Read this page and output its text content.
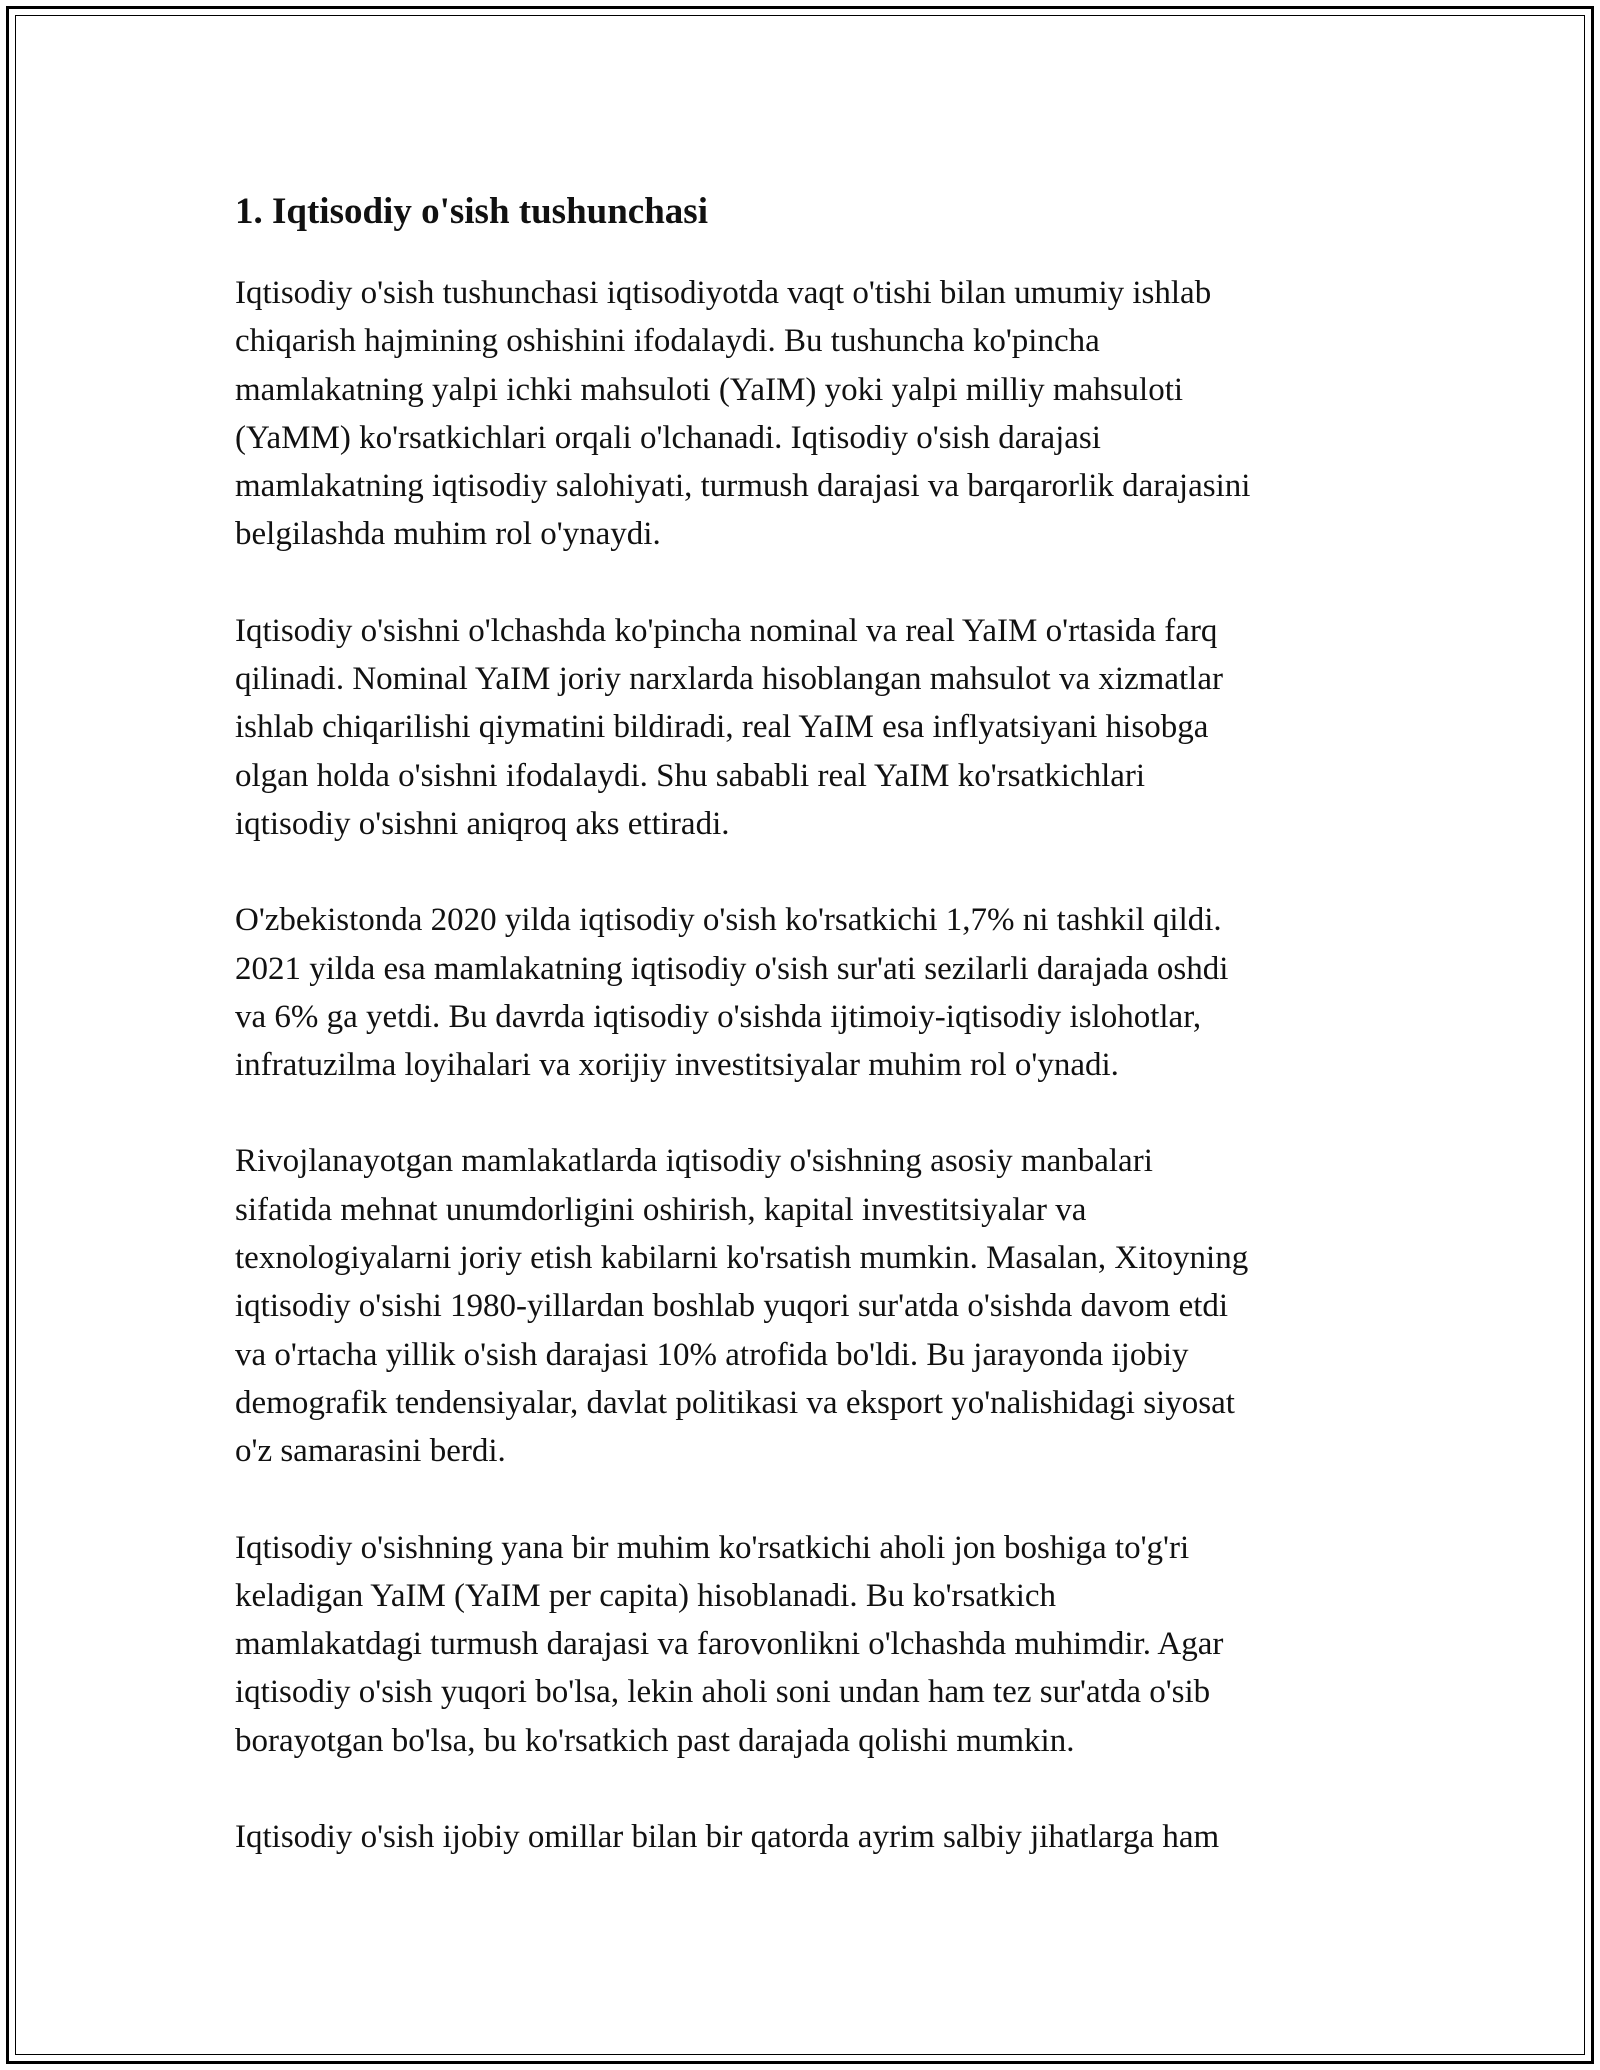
1. Iqtisodiy o'sish tushunchasi

Iqtisodiy o'sish tushunchasi iqtisodiyotda vaqt o'tishi bilan umumiy ishlab
chiqarish hajmining oshishini ifodalaydi. Bu tushuncha ko'pincha
mamlakatning yalpi ichki mahsuloti (YaIM) yoki yalpi milliy mahsuloti
(YaMM) ko'rsatkichlari orqali o'lchanadi. Iqtisodiy o'sish darajasi
mamlakatning iqtisodiy salohiyati, turmush darajasi va barqarorlik darajasini
belgilashda muhim rol o'ynaydi.

Iqtisodiy o'sishni o'lchashda ko'pincha nominal va real YaIM o'rtasida farq
qilinadi. Nominal YaIM joriy narxlarda hisoblangan mahsulot va xizmatlar
ishlab chiqarilishi qiymatini bildiradi, real YaIM esa inflyatsiyani hisobga
olgan holda o'sishni ifodalaydi. Shu sababli real YaIM ko'rsatkichlari
iqtisodiy o'sishni aniqroq aks ettiradi.

O'zbekistonda 2020 yilda iqtisodiy o'sish ko'rsatkichi 1,7% ni tashkil qildi.
2021 yilda esa mamlakatning iqtisodiy o'sish sur'ati sezilarli darajada oshdi
va 6% ga yetdi. Bu davrda iqtisodiy o'sishda ijtimoiy-iqtisodiy islohotlar,
infratuzilma loyihalari va xorijiy investitsiyalar muhim rol o'ynadi.

Rivojlanayotgan mamlakatlarda iqtisodiy o'sishning asosiy manbalari
sifatida mehnat unumdorligini oshirish, kapital investitsiyalar va
texnologiyalarni joriy etish kabilarni ko'rsatish mumkin. Masalan, Xitoyning
iqtisodiy o'sishi 1980-yillardan boshlab yuqori sur'atda o'sishda davom etdi
va o'rtacha yillik o'sish darajasi 10% atrofida bo'ldi. Bu jarayonda ijobiy
demografik tendensiyalar, davlat politikasi va eksport yo'nalishidagi siyosat
o'z samarasini berdi.

Iqtisodiy o'sishning yana bir muhim ko'rsatkichi aholi jon boshiga to'g'ri
keladigan YaIM (YaIM per capita) hisoblanadi. Bu ko'rsatkich
mamlakatdagi turmush darajasi va farovonlikni o'lchashda muhimdir. Agar
iqtisodiy o'sish yuqori bo'lsa, lekin aholi soni undan ham tez sur'atda o'sib
borayotgan bo'lsa, bu ko'rsatkich past darajada qolishi mumkin.

Iqtisodiy o'sish ijobiy omillar bilan bir qatorda ayrim salbiy jihatlarga ham
